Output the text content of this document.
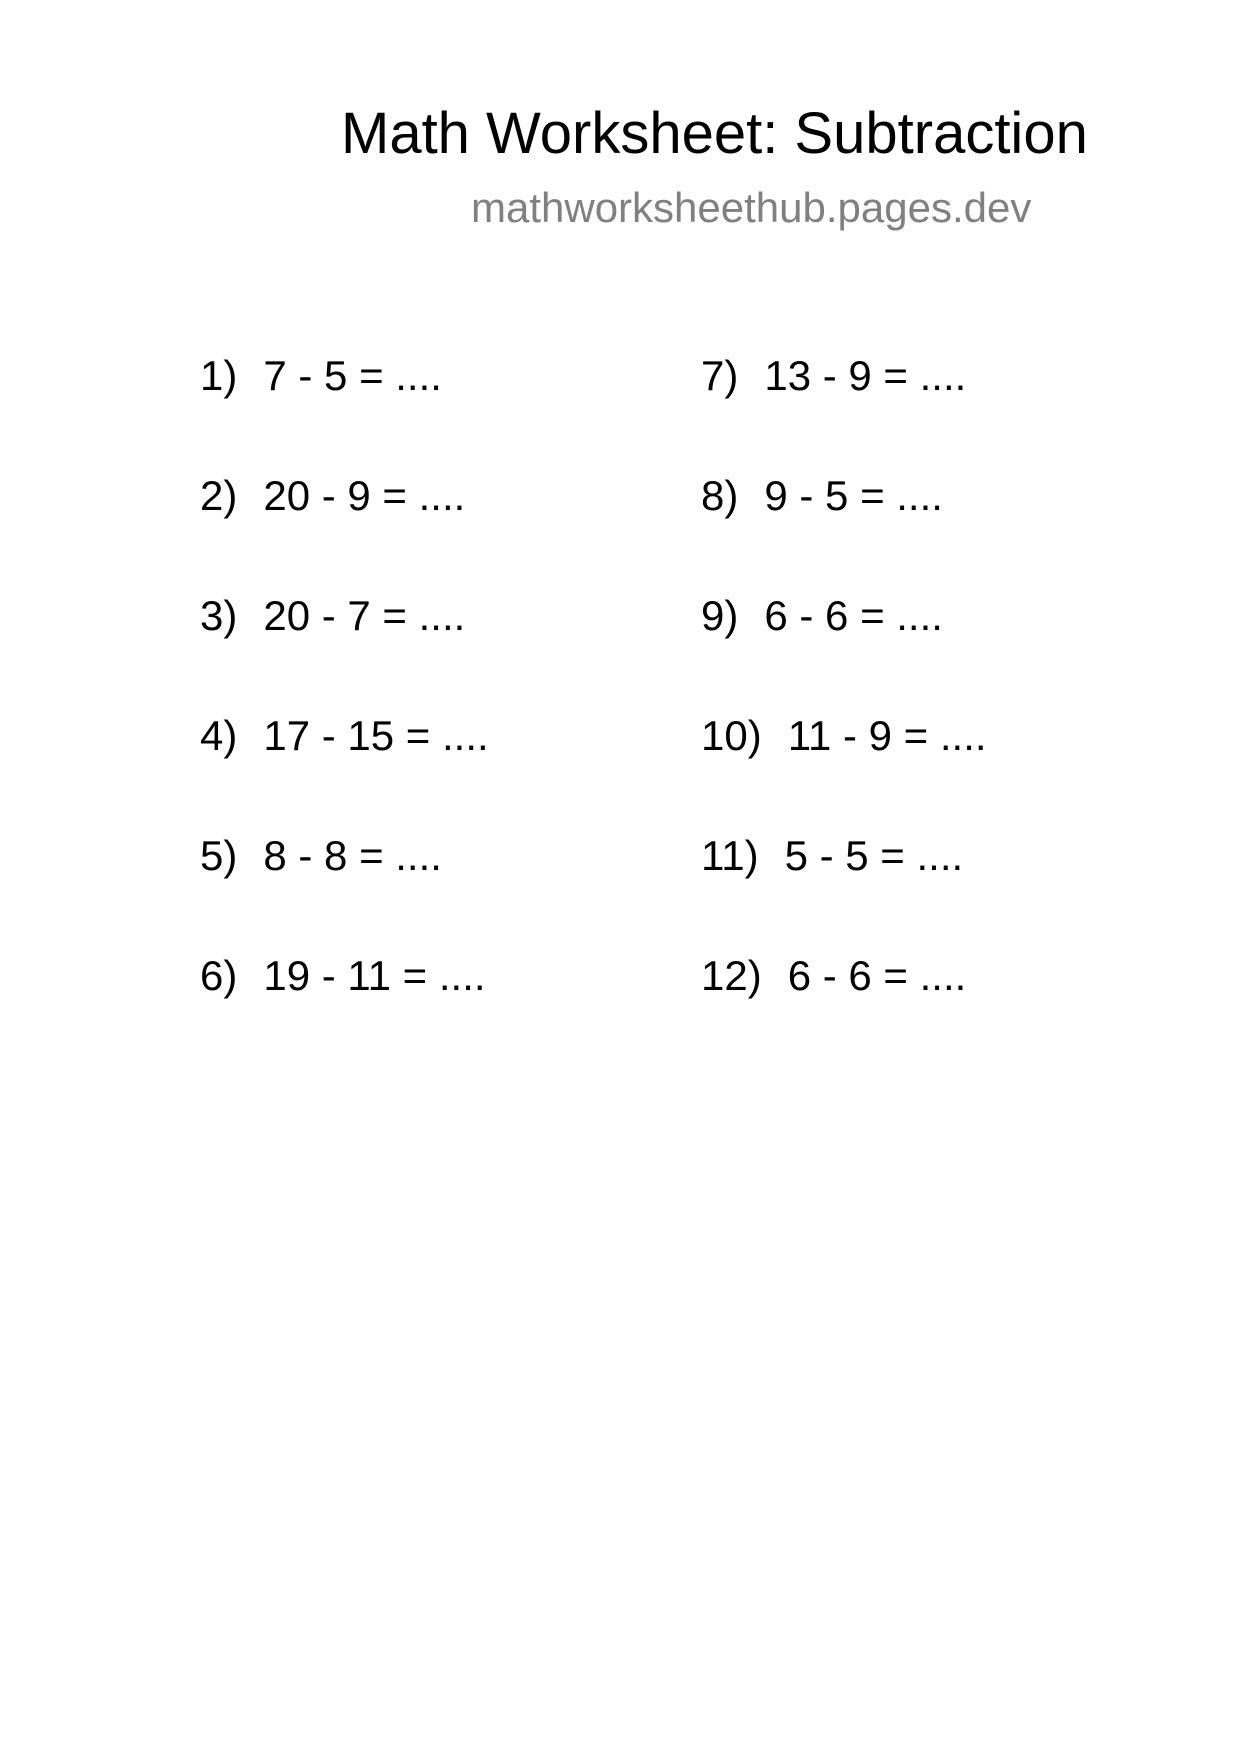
Math Worksheet: Subtraction

mathworksheethub.pages.dev

1) 7 - 5 = ....
2) 20 - 9 = ....
3) 20 - 7 = ....
4) 17 - 15 = ....
5) 8 - 8 = ....
6) 19 - 11 = ....
7) 13 - 9 = ....
8) 9 - 5 = ....
9) 6 - 6 = ....
10) 11 - 9 = ....
11) 5 - 5 = ....
12) 6 - 6 = ....
